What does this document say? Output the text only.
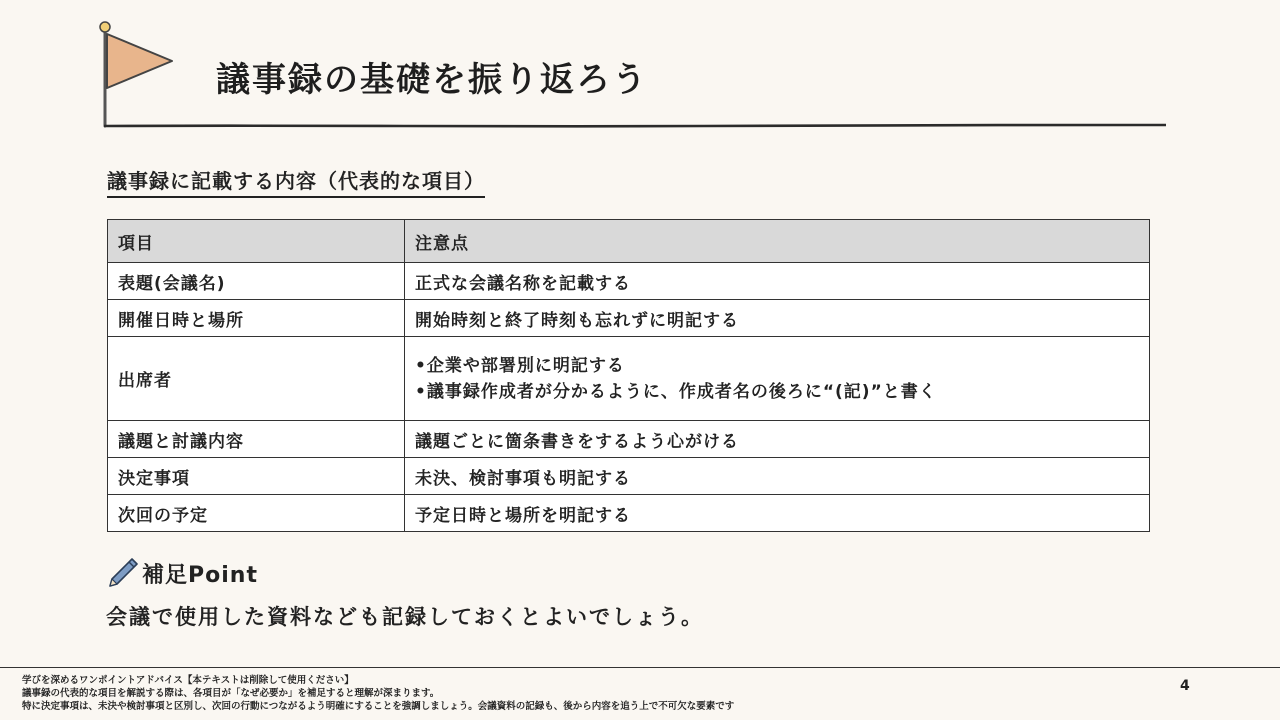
議事録の基礎を振り返ろう
議事録に記載する内容（代表的な項目）
項目	注意点
表題(会議名)	正式な会議名称を記載する
開催日時と場所	開始時刻と終了時刻も忘れずに明記する
出席者	•企業や部署別に明記する
•議事録作成者が分かるように、作成者名の後ろに“(記)”と書く

議題と討議内容	議題ごとに箇条書きをするよう心がける
決定事項	未決、検討事項も明記する
次回の予定	予定日時と場所を明記する
補足Point
会議で使用した資料なども記録しておくとよいでしょう。
学びを深めるワンポイントアドバイス【本テキストは削除して使用ください】
議事録の代表的な項目を解説する際は、各項目が「なぜ必要か」を補足すると理解が深まります。
特に決定事項は、未決や検討事項と区別し、次回の行動につながるよう明確にすることを強調しましょう。会議資料の記録も、後から内容を追う上で不可欠な要素です
4
